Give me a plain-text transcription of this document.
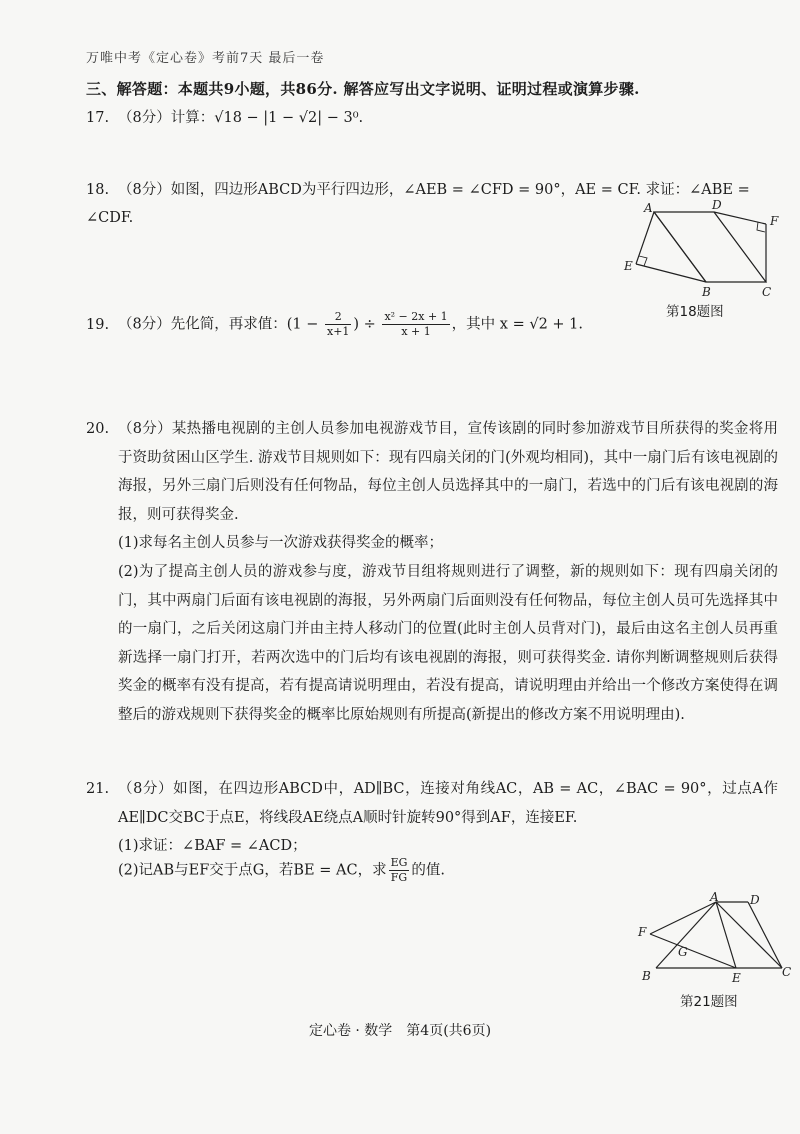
万唯中考《定心卷》考前7天 最后一卷
三、解答题：本题共9小题，共86分. 解答应写出文字说明、证明过程或演算步骤.
17. （8分）计算：√18 − |1 − √2| − 3⁰.
18. （8分）如图，四边形ABCD为平行四边形，∠AEB = ∠CFD = 90°，AE = CF. 求证：∠ABE = ∠CDF.
A	D
F
E
B	C
第18题图
19. （8分）先化简，再求值：($1 - \frac{2}{x+1}$ ) ÷ $\frac{\text{x² − 2x + 1}}{x + 1}$ ，其中 x = √2 + 1.
20. （8分）某热播电视剧的主创人员参加电视游戏节目，宣传该剧的同时参加游戏节目所获得的奖金将用于资助贫困山区学生. 游戏节目规则如下：现有四扇关闭的门(外观均相同)，其中一扇门后有该电视剧的海报，另外三扇门后则没有任何物品，每位主创人员选择其中的一扇门，若选中的门后有该电视剧的海报，则可获得奖金.
(1)求每名主创人员参与一次游戏获得奖金的概率；
(2)为了提高主创人员的游戏参与度，游戏节目组将规则进行了调整，新的规则如下：现有四扇关闭的门，其中两扇门后面有该电视剧的海报，另外两扇门后面则没有任何物品，每位主创人员可先选择其中的一扇门，之后关闭这扇门并由主持人移动门的位置(此时主创人员背对门)，最后由这名主创人员再重新选择一扇门打开，若两次选中的门后均有该电视剧的海报，则可获得奖金. 请你判断调整规则后获得奖金的概率有没有提高，若有提高请说明理由，若没有提高，请说明理由并给出一个修改方案使得在调整后的游戏规则下获得奖金的概率比原始规则有所提高(新提出的修改方案不用说明理由).
21. （8分）如图，在四边形ABCD中，AD∥BC，连接对角线AC，AB = AC，∠BAC = 90°，过点A作AE∥DC交BC于点E，将线段AE绕点A顺时针旋转90°得到AF，连接EF.
(1)求证：∠BAF = ∠ACD；
(2)记AB与EF交于点G，若BE = AC，求 $\frac{EG}{FG}$ 的值.
A	D
F
G
B	E	C
第21题图
定心卷 · 数学　第4页(共6页)
